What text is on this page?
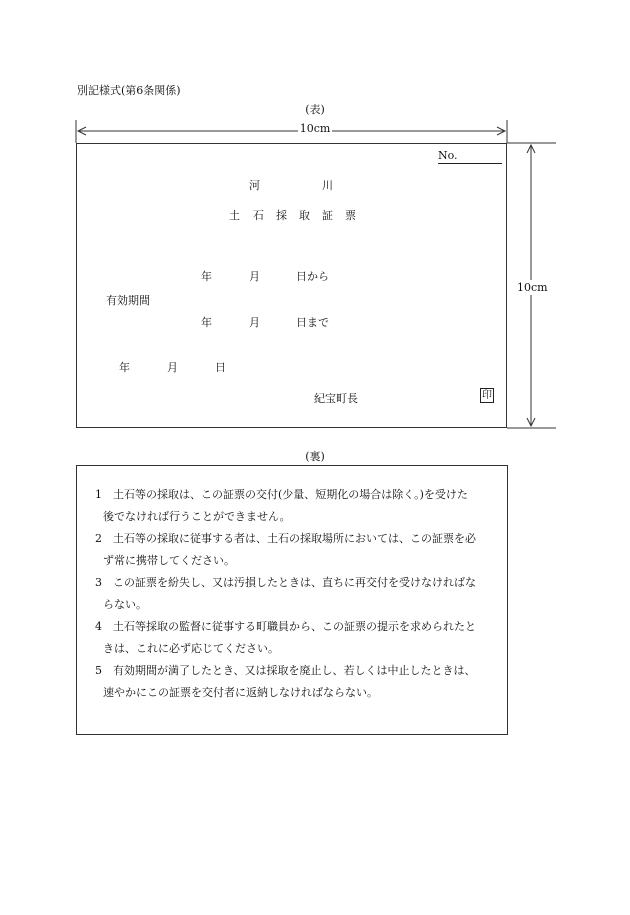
別記様式(第6条関係)
(表)
10cm
10cm
No.
河	川
土 石 採 取 証 票
年	月	日から
有効期間
年	月	日まで
年	月	日
紀宝町長	印
(裏)
1　 土石等の採取は、この証票の交付(少量、短期化の場合は除く。)を受けた
後でなければ行うことができません。
2　 土石等の採取に従事する者は、土石の採取場所においては、この証票を必
ず常に携帯してください。
3　 この証票を紛失し、又は汚損したときは、直ちに再交付を受けなければな
らない。
4　 土石等採取の監督に従事する町職員から、この証票の提示を求められたと
きは、これに必ず応じてください。
5　 有効期間が満了したとき、又は採取を廃止し、若しくは中止したときは、
速やかにこの証票を交付者に返納しなければならない。
